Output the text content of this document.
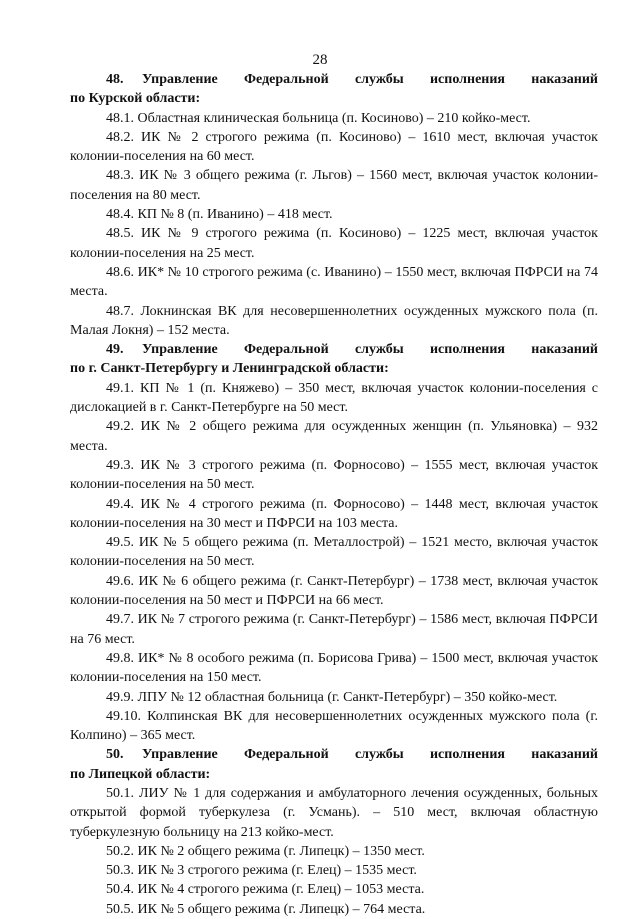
28
48. Управление Федеральной службы исполнения наказаний
по Курской области:
48.1. Областная клиническая больница (п. Косиново) – 210 койко-мест.
48.2. ИК № 2 строгого режима (п. Косиново) – 1610 мест, включая участок колонии-поселения на 60 мест.
48.3. ИК № 3 общего режима (г. Льгов) – 1560 мест, включая участок колонии-поселения на 80 мест.
48.4. КП № 8 (п. Иванино) – 418 мест.
48.5. ИК № 9 строгого режима (п. Косиново) – 1225 мест, включая участок колонии-поселения на 25 мест.
48.6. ИК* № 10 строгого режима (с. Иванино) – 1550 мест, включая ПФРСИ на 74 места.
48.7. Локнинская ВК для несовершеннолетних осужденных мужского пола (п. Малая Локня) – 152 места.
49. Управление Федеральной службы исполнения наказаний
по г. Санкт-Петербургу и Ленинградской области:
49.1. КП № 1 (п. Княжево) – 350 мест, включая участок колонии-поселения с дислокацией в г. Санкт-Петербурге на 50 мест.
49.2. ИК № 2 общего режима для осужденных женщин (п. Ульяновка) – 932 места.
49.3. ИК № 3 строгого режима (п. Форносово) – 1555 мест, включая участок колонии-поселения на 50 мест.
49.4. ИК № 4 строгого режима (п. Форносово) – 1448 мест, включая участок колонии-поселения на 30 мест и ПФРСИ на 103 места.
49.5. ИК № 5 общего режима (п. Металлострой) – 1521 место, включая участок колонии-поселения на 50 мест.
49.6. ИК № 6 общего режима (г. Санкт-Петербург) – 1738 мест, включая участок колонии-поселения на 50 мест и ПФРСИ на 66 мест.
49.7. ИК № 7 строгого режима (г. Санкт-Петербург) – 1586 мест, включая ПФРСИ на 76 мест.
49.8. ИК* № 8 особого режима (п. Борисова Грива) – 1500 мест, включая участок колонии-поселения на 150 мест.
49.9. ЛПУ № 12 областная больница (г. Санкт-Петербург) – 350 койко-мест.
49.10. Колпинская ВК для несовершеннолетних осужденных мужского пола (г. Колпино) – 365 мест.
50. Управление Федеральной службы исполнения наказаний
по Липецкой области:
50.1. ЛИУ № 1 для содержания и амбулаторного лечения осужденных, больных открытой формой туберкулеза (г. Усмань). – 510 мест, включая областную туберкулезную больницу на 213 койко-мест.
50.2. ИК № 2 общего режима (г. Липецк) – 1350 мест.
50.3. ИК № 3 строгого режима (г. Елец) – 1535 мест.
50.4. ИК № 4 строгого режима (г. Елец) – 1053 места.
50.5. ИК № 5 общего режима (г. Липецк) – 764 места.
